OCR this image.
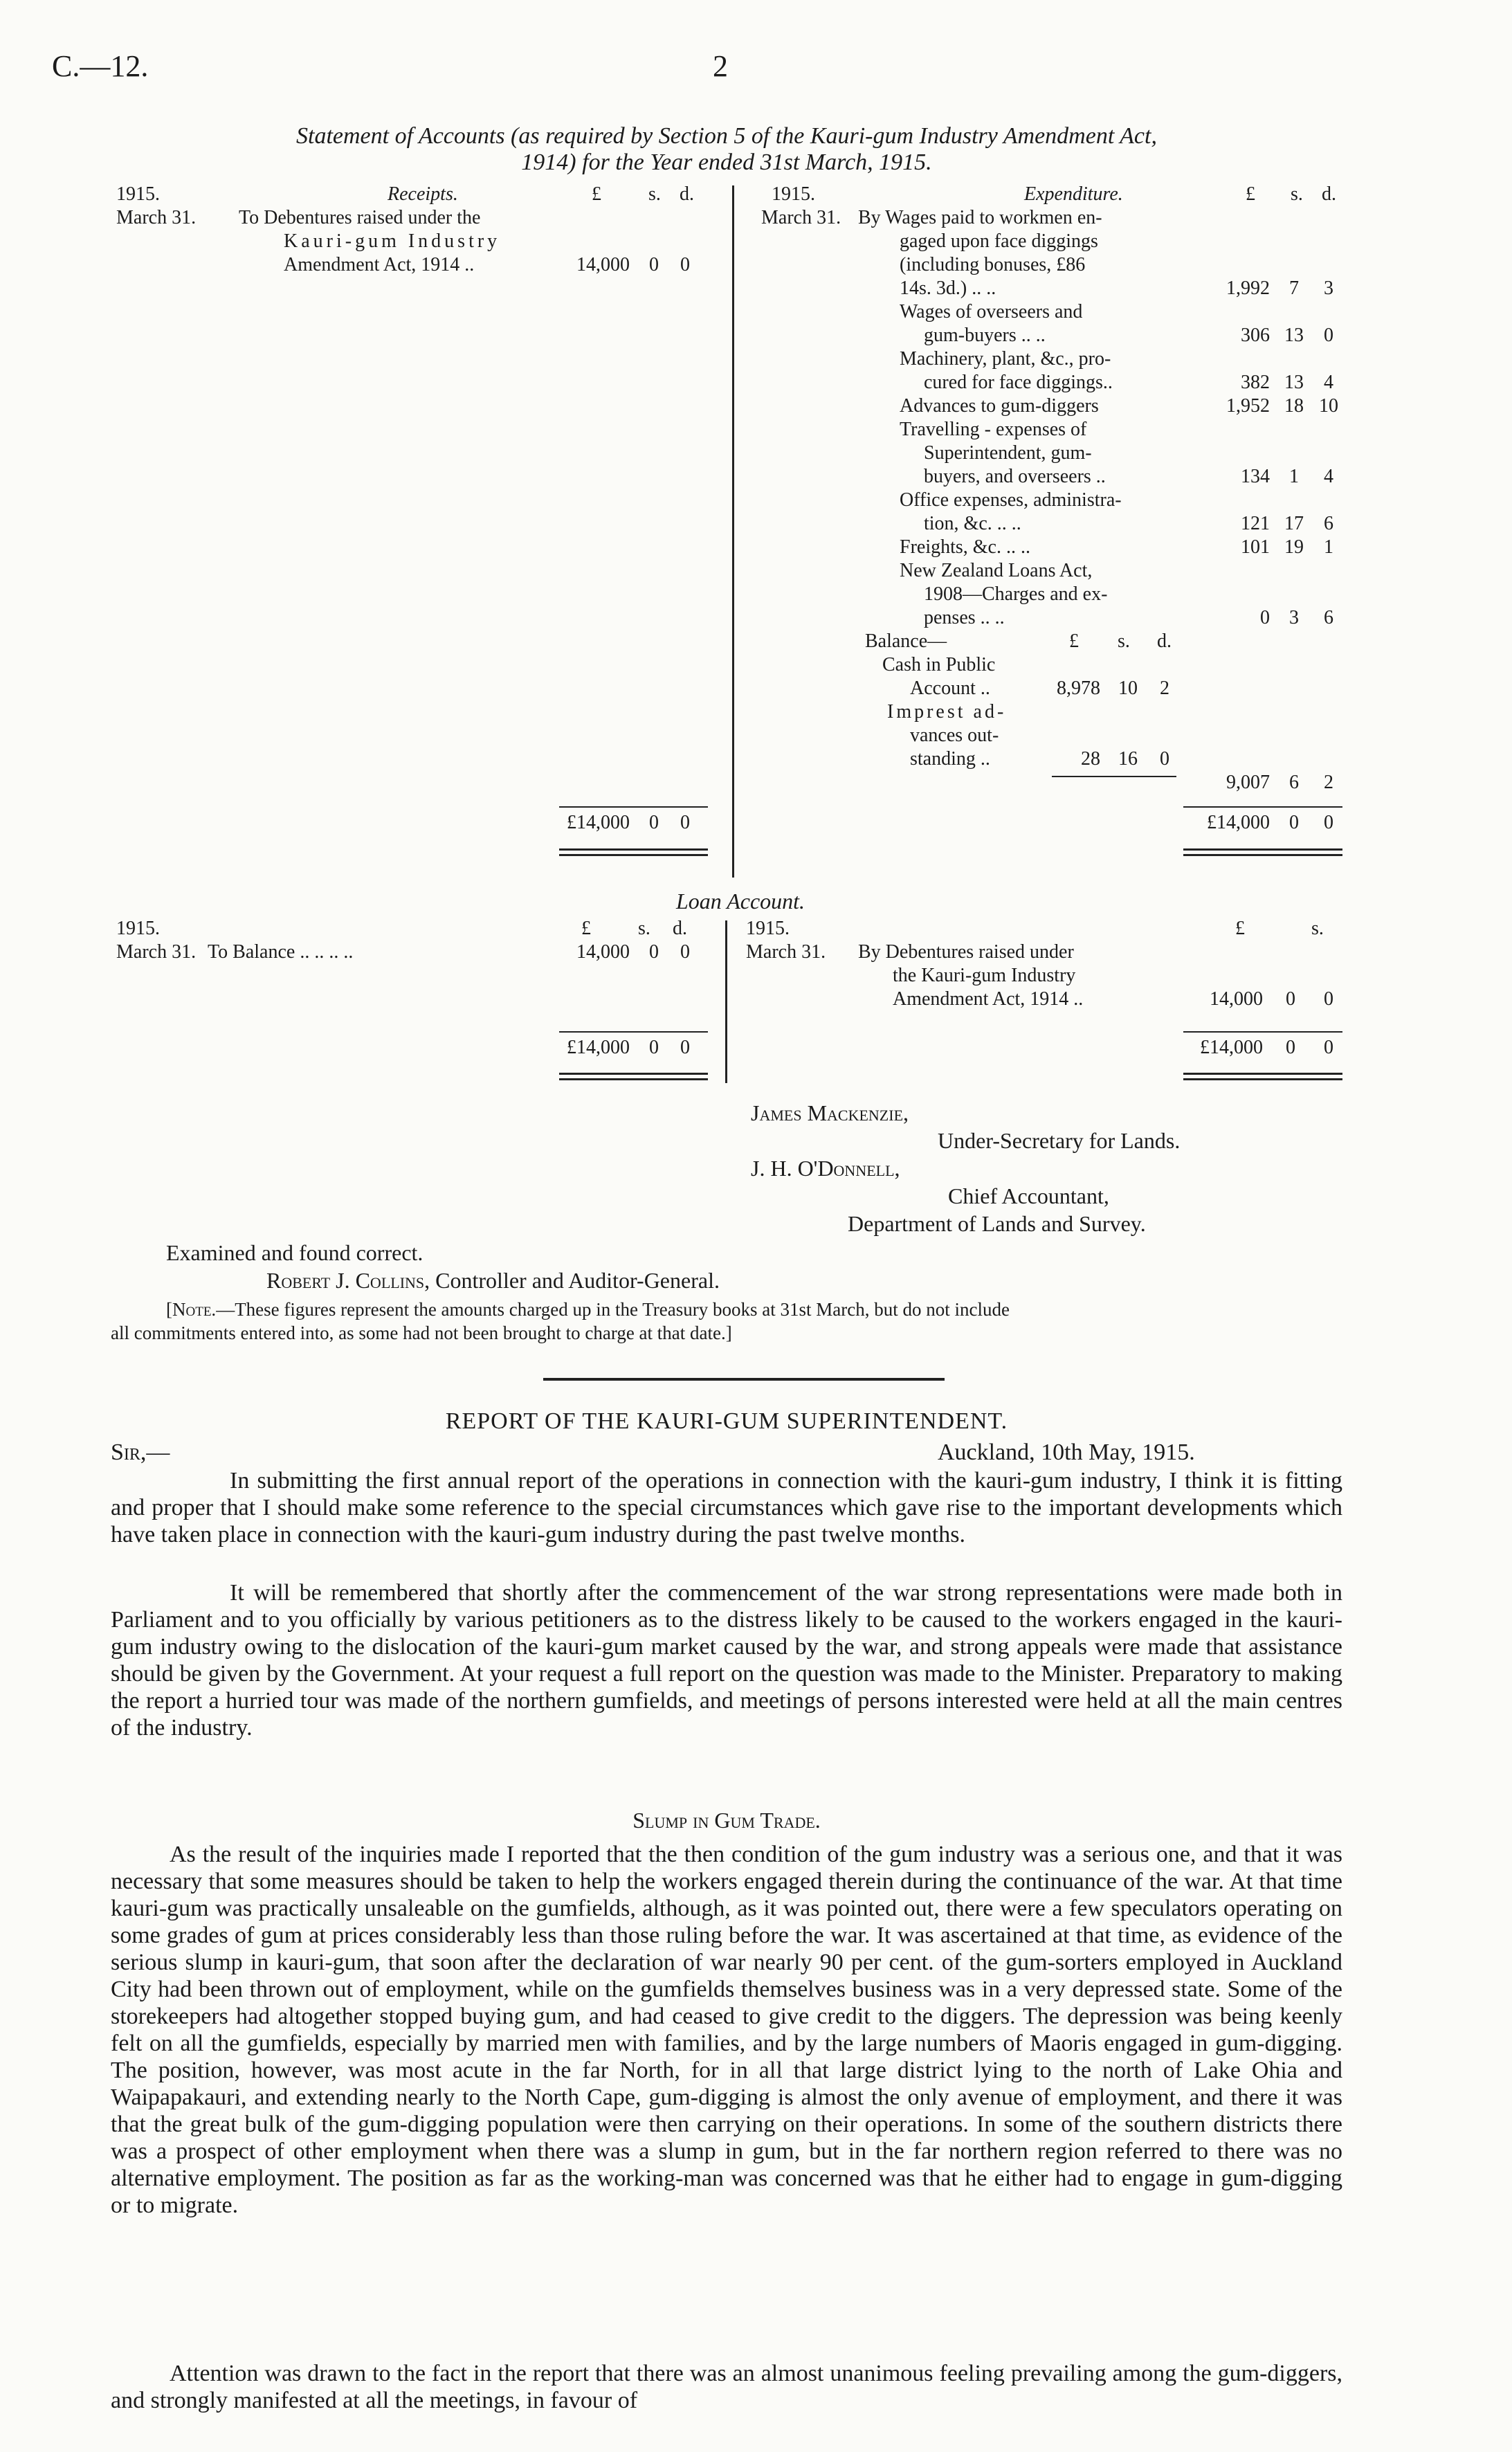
C.—12.	2
Statement of Accounts (as required by Section 5 of the Kauri-gum Industry Amendment Act,
1914) for the Year ended 31st March, 1915.
1915.	Receipts.	£ s. d.
March 31. To Debentures raised under the
Kauri-gum Industry
Amendment Act, 1914 ..	14,000 0 0
£14,000 0 0
1915.	Expenditure.	£ s. d.
March 31. By Wages paid to workmen en-
gaged upon face diggings
(including bonuses, £86
14s. 3d.) .. ..	1,992	7	3
Wages of overseers and
gum-buyers .. ..	306 13 0
Machinery, plant, &c., pro-
cured for face diggings..	382 13 4
Advances to gum-diggers	1,952 18 10
Travelling - expenses of
Superintendent, gum-
buyers, and overseers ..	134	1	4
Office expenses, administra-
tion, &c. .. ..	121 17 6
Freights, &c. .. ..	101 19 1
New Zealand Loans Act,
1908—Charges and ex-
penses .. ..	0	3	6
Balance—	£ s. d.
Cash in Public
Account ..	8,978 10 2
Imprest ad-
vances out-
standing ..	28 16 0
9,007	6	2
£14,000	0	0
Loan Account.
1915.	£ s. d.
March 31. To Balance .. .. .. ..	14,000 0 0
£14,000 0 0
1915.	£	s.
March 31. By Debentures raised under
the Kauri-gum Industry
Amendment Act, 1914 ..	14,000 0 0
£14,000 0 0
James Mackenzie,
Under-Secretary for Lands.
J. H. O'Donnell,
Chief Accountant,
Department of Lands and Survey.
Examined and found correct.
Robert J. Collins, Controller and Auditor-General.
[Note.—These figures represent the amounts charged up in the Treasury books at 31st March, but do not include
all commitments entered into, as some had not been brought to charge at that date.]
REPORT OF THE KAURI-GUM SUPERINTENDENT.
Sir,—	Auckland, 10th May, 1915.
In submitting the first annual report of the operations in connection with the kauri-gum industry, I think it is fitting and proper that I should make some reference to the special circumstances which gave rise to the important developments which have taken place in connection with the kauri-gum industry during the past twelve months.
It will be remembered that shortly after the commencement of the war strong representations were made both in Parliament and to you officially by various petitioners as to the distress likely to be caused to the workers engaged in the kauri-gum industry owing to the dislocation of the kauri-gum market caused by the war, and strong appeals were made that assistance should be given by the Government. At your request a full report on the question was made to the Minister. Preparatory to making the report a hurried tour was made of the northern gumfields, and meetings of persons interested were held at all the main centres of the industry.
Slump in Gum Trade.
As the result of the inquiries made I reported that the then condition of the gum industry was a serious one, and that it was necessary that some measures should be taken to help the workers engaged therein during the continuance of the war. At that time kauri-gum was practically unsaleable on the gumfields, although, as it was pointed out, there were a few speculators operating on some grades of gum at prices considerably less than those ruling before the war. It was ascertained at that time, as evidence of the serious slump in kauri-gum, that soon after the declaration of war nearly 90 per cent. of the gum-sorters employed in Auckland City had been thrown out of employment, while on the gumfields themselves business was in a very depressed state. Some of the storekeepers had altogether stopped buying gum, and had ceased to give credit to the diggers. The depression was being keenly felt on all the gumfields, especially by married men with families, and by the large numbers of Maoris engaged in gum-digging. The position, however, was most acute in the far North, for in all that large district lying to the north of Lake Ohia and Waipapakauri, and extending nearly to the North Cape, gum-digging is almost the only avenue of employment, and there it was that the great bulk of the gum-digging population were then carrying on their operations. In some of the southern districts there was a prospect of other employment when there was a slump in gum, but in the far northern region referred to there was no alternative employment. The position as far as the working-man was concerned was that he either had to engage in gum-digging or to migrate.
Attention was drawn to the fact in the report that there was an almost unanimous feeling prevailing among the gum-diggers, and strongly manifested at all the meetings, in favour of
